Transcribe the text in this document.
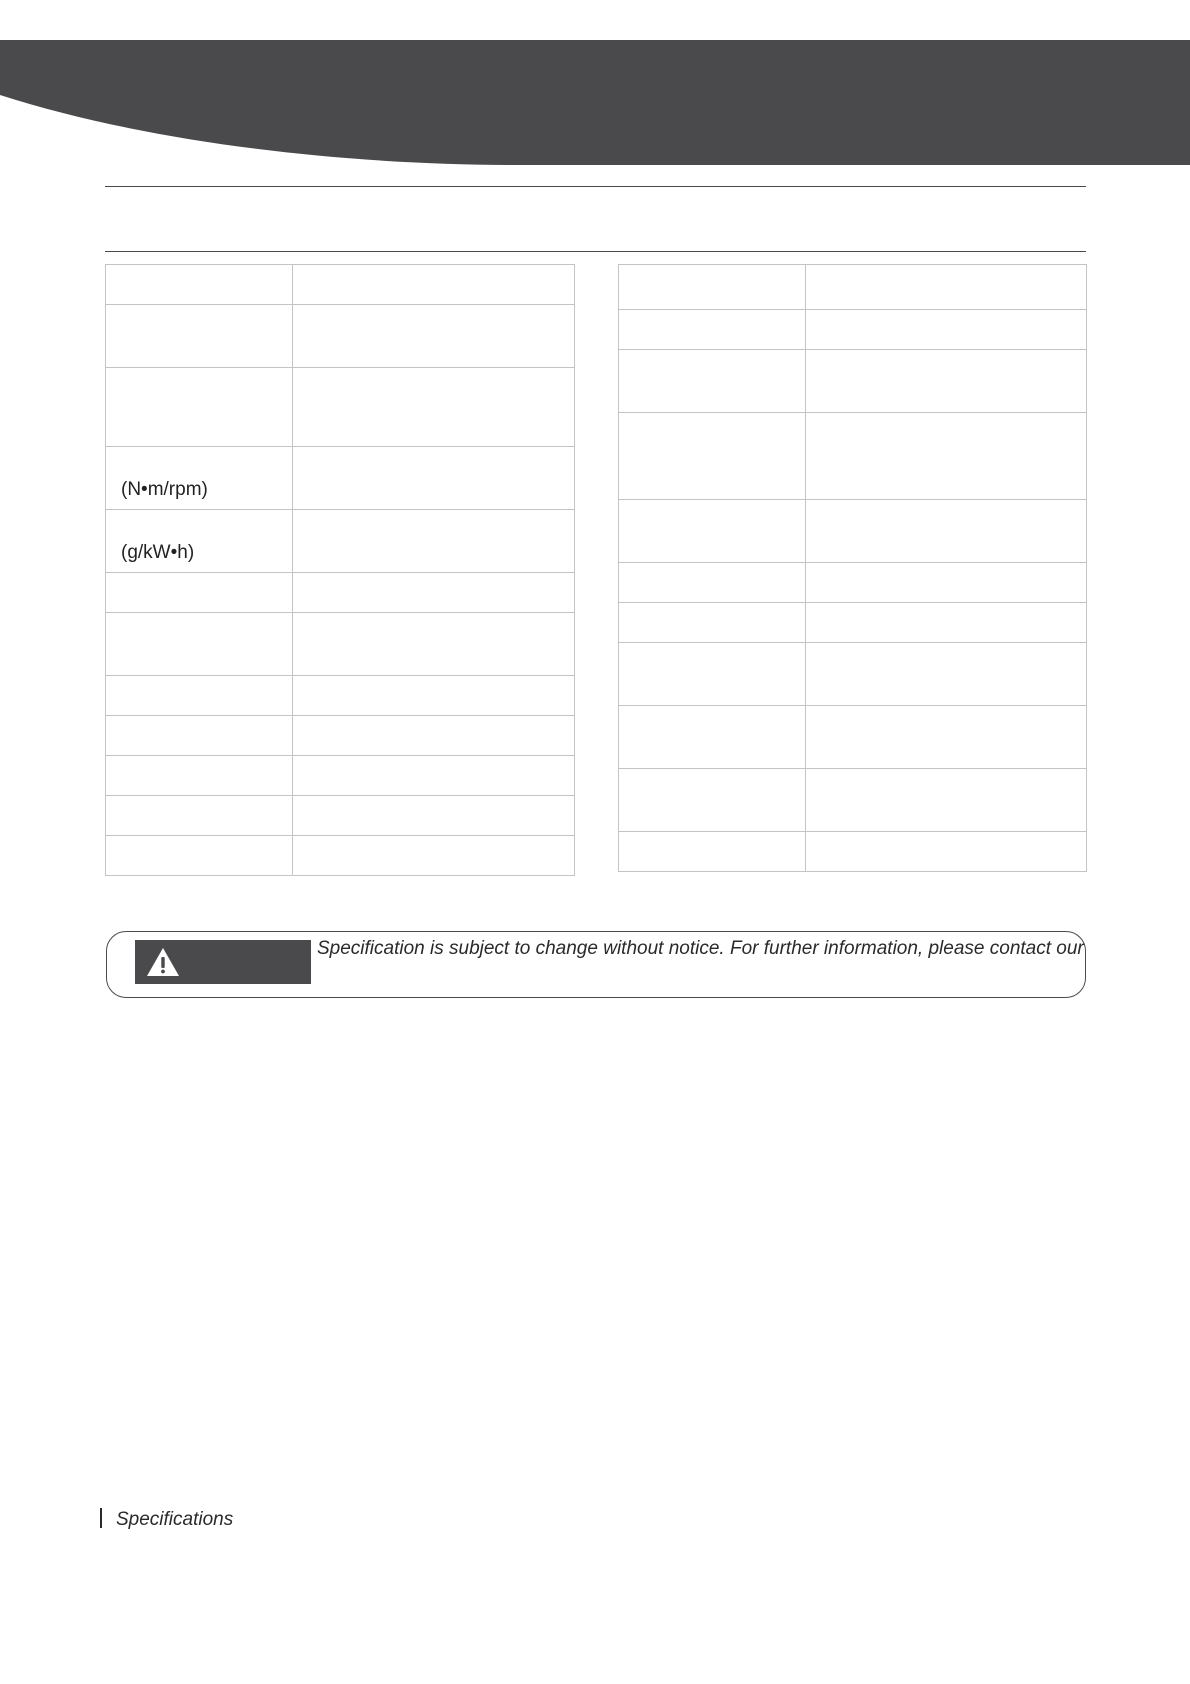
(N•m/rpm)	
(g/kW•h)	

Specification is subject to change without notice. For further information, please contact our
Specifications
